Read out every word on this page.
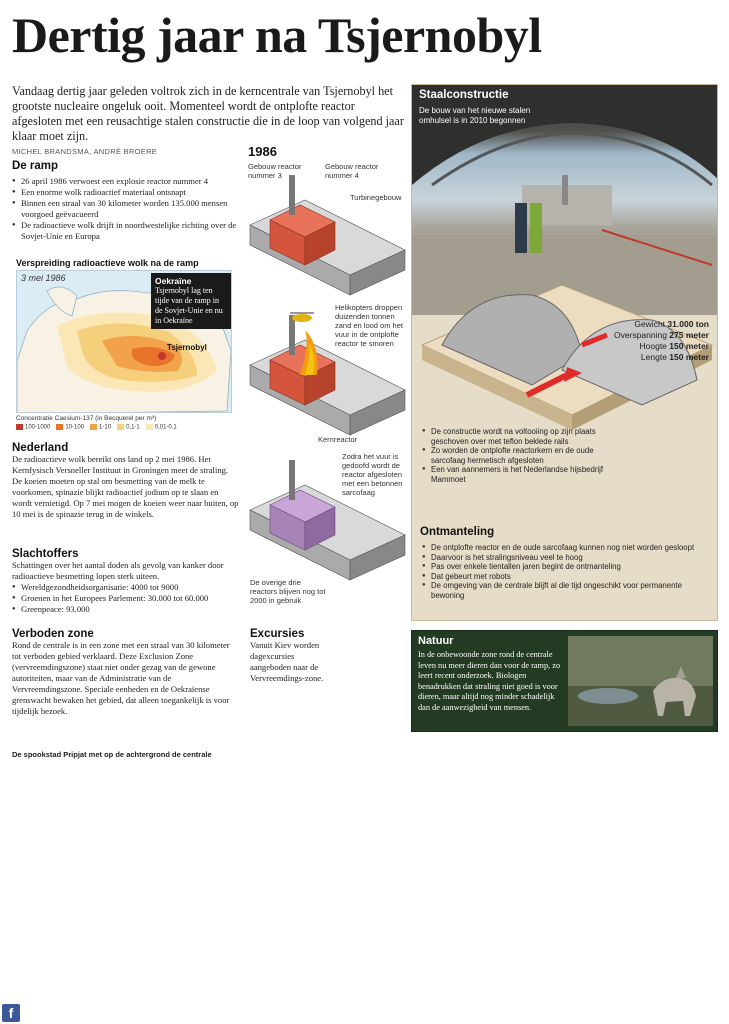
Dertig jaar na Tsjernobyl

Vandaag dertig jaar geleden voltrok zich in de kerncentrale van Tsjernobyl het grootste nucleaire ongeluk ooit. Momenteel wordt de ontplofte reactor afgesloten met een reusachtige stalen constructie die in de loop van volgend jaar klaar moet zijn.

MICHEL BRANDSMA, ANDRÉ BROERE
De ramp
● 26 april 1986 verwoest een explosie reactor nummer 4
● Een enorme wolk radioactief materiaal ontsnapt
● Binnen een straal van 30 kilometer worden 135.000 mensen voorgoed geëvacueerd
● De radioactieve wolk drijft in noordwestelijke richting over de Sovjet-Unie en Europa
Verspreiding radioactieve wolk na de ramp
3 mei 1986	Oekraïne
Tsjernobyl lag ten tijde van de ramp in de Sovjet-Unie en nu in Oekraïne
Tsjernobyl
Concentratie Caesium-137 (in Becquerel per m³)
100-1000	10-100	1-10	0,1-1	0,01-0,1
Nederland

De radioactieve wolk bereikt ons land op 2 mei 1986. Het Kernfysisch Versneller Instituut in Groningen meet de straling. De koeien moeten op stal om besmetting van de melk te voorkomen, spinazie blijkt radioactief jodium op te slaan en wordt vernietigd. Op 7 mei mogen de koeien weer naar buiten, op 10 mei is de spinazie terug in de winkels.

Slachtoffers

Schattingen over het aantal doden als gevolg van kanker door radioactieve besmetting lopen sterk uiteen.

● Wereldgezondheidsorganisatie: 4000 tot 9000
● Groenen in het Europees Parlement: 30.000 tot 60.000
● Greenpeace: 93.000
Verboden zone

Rond de centrale is in een zone met een straal van 30 kilometer tot verboden gebied verklaard. Deze Exclusion Zone (vervreemdingszone) staat niet onder gezag van de gewone autoriteiten, maar van de Administratie van de Vervreemdingszone. Speciale eenheden en de Oekraïense grenswacht bewaken het gebied, dat alleen toegankelijk is voor tijdelijk bezoek.

Excursies

Vanuit Kiev worden dagexcursies aangeboden naar de Vervreemdings-zone.

1986
Gebouw reactor nummer 3
Gebouw reactor nummer 4
Turbinegebouw
Helikopters droppen duizenden tonnen zand en lood om het vuur in de ontplofte reactor te smoren
Kernreactor
Zodra het vuur is gedoofd wordt de reactor afgesloten met een betonnen sarcofaag
De overige drie reactors blijven nog tot 2000 in gebruik
Staalconstructie
De bouw van het nieuwe stalen omhulsel is in 2010 begonnen
Gewicht 31.000 ton
Overspanning 275 meter
Hoogte 150 meter
Lengte 150 meter
● De constructie wordt na voltooiing op zijn plaats geschoven over met teflon beklede rails
● Zo worden de ontplofte reactorkern en de oude sarcofaag hermetisch afgesloten
● Een van aannemers is het Nederlandse hijsbedrijf Mammoet
Ontmanteling
● De ontplofte reactor en de oude sarcofaag kunnen nog niet worden gesloopt
● Daarvoor is het stralingsniveau veel te hoog
● Pas over enkele tientallen jaren begint de ontmanteling
● Dat gebeurt met robots
● De omgeving van de centrale blijft al die tijd ongeschikt voor permanente bewoning
Natuur

In de onbewoonde zone rond de centrale leven nu meer dieren dan voor de ramp, zo leert recent onderzoek. Biologen benadrukken dat straling niet goed is voor dieren, maar altijd nog minder schadelijk dan de aanwezigheid van mensen.

De spookstad Pripjat met op de achtergrond de centrale
f	Inbeeld Dvhn	© DvhN 260416 | AB | Bron: GraphicNews
